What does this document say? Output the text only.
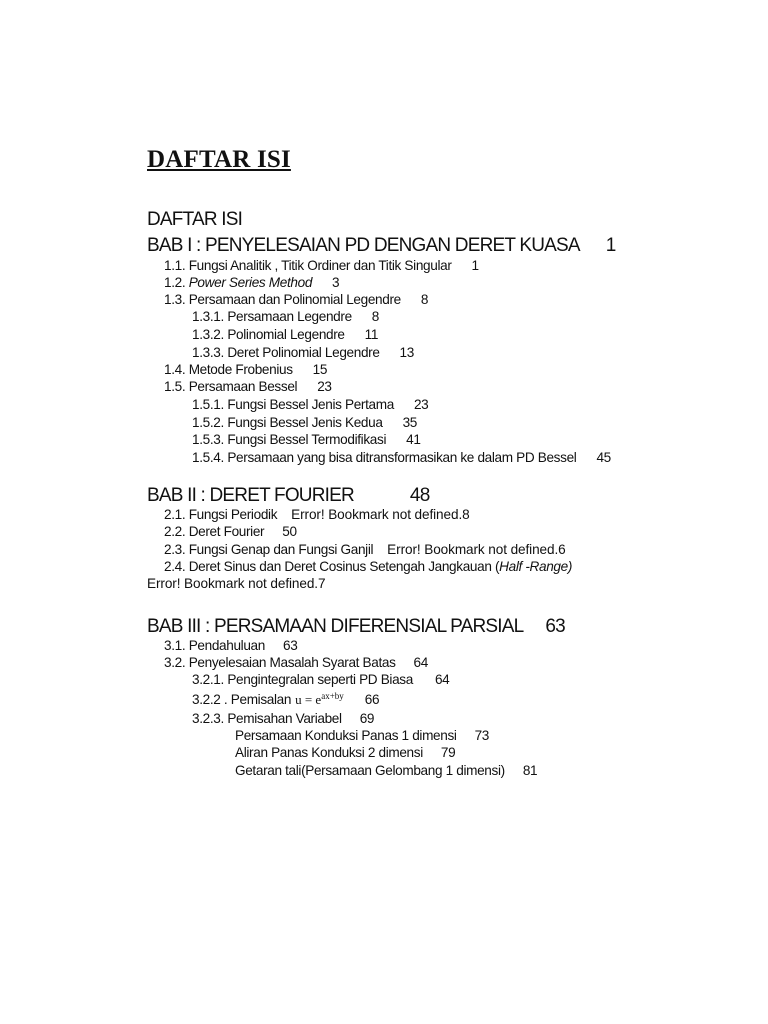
DAFTAR ISI
DAFTAR ISI
BAB I : PENYELESAIAN PD DENGAN DERET KUASA 1
1.1. Fungsi Analitik , Titik Ordiner dan Titik Singular 1
1.2. Power Series Method 3
1.3. Persamaan dan Polinomial Legendre 8
1.3.1. Persamaan Legendre 8
1.3.2. Polinomial Legendre 11
1.3.3. Deret Polinomial Legendre 13
1.4. Metode Frobenius 15
1.5. Persamaan Bessel 23
1.5.1. Fungsi Bessel Jenis Pertama 23
1.5.2. Fungsi Bessel Jenis Kedua 35
1.5.3. Fungsi Bessel Termodifikasi 41
1.5.4. Persamaan yang bisa ditransformasikan ke dalam PD Bessel 45
BAB II : DERET FOURIER	48
2.1. Fungsi Periodik Error! Bookmark not defined.8
2.2. Deret Fourier 50
2.3. Fungsi Genap dan Fungsi Ganjil Error! Bookmark not defined.6
2.4. Deret Sinus dan Deret Cosinus Setengah Jangkauan (Half -Range)
Error! Bookmark not defined.7
BAB III : PERSAMAAN DIFERENSIAL PARSIAL 63
3.1. Pendahuluan 63
3.2. Penyelesaian Masalah Syarat Batas 64
3.2.1. Pengintegralan seperti PD Biasa 64
3.2.2 . Pemisalan $u = e^{ax+by}$ 66
3.2.3. Pemisahan Variabel 69
Persamaan Konduksi Panas 1 dimensi 73
Aliran Panas Konduksi 2 dimensi 79
Getaran tali(Persamaan Gelombang 1 dimensi) 81
